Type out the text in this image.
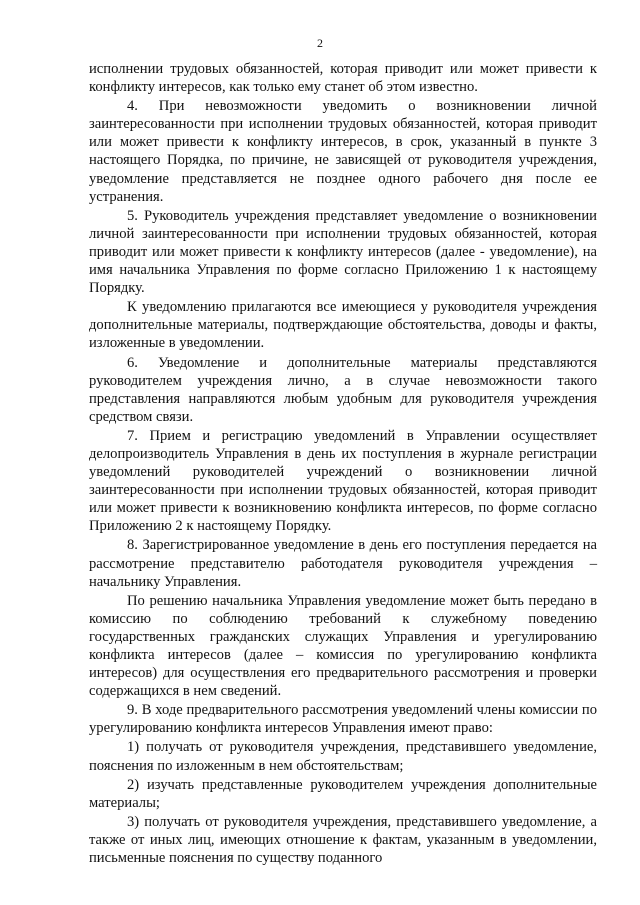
2

исполнении трудовых обязанностей, которая приводит или может привести к конфликту интересов, как только ему станет об этом известно.

4. При невозможности уведомить о возникновении личной заинтересованности при исполнении трудовых обязанностей, которая приводит или может привести к конфликту интересов, в срок, указанный в пункте 3 настоящего Порядка, по причине, не зависящей от руководителя учреждения, уведомление представляется не позднее одного рабочего дня после ее устранения.

5. Руководитель учреждения представляет уведомление о возникновении личной заинтересованности при исполнении трудовых обязанностей, которая приводит или может привести к конфликту интересов (далее - уведомление), на имя начальника Управления по форме согласно Приложению 1 к настоящему Порядку.

К уведомлению прилагаются все имеющиеся у руководителя учреждения дополнительные материалы, подтверждающие обстоятельства, доводы и факты, изложенные в уведомлении.

6. Уведомление и дополнительные материалы представляются руководителем учреждения лично, а в случае невозможности такого представления направляются любым удобным для руководителя учреждения средством связи.

7. Прием и регистрацию уведомлений в Управлении осуществляет делопроизводитель Управления в день их поступления в журнале регистрации уведомлений руководителей учреждений о возникновении личной заинтересованности при исполнении трудовых обязанностей, которая приводит или может привести к возникновению конфликта интересов, по форме согласно Приложению 2 к настоящему Порядку.

8. Зарегистрированное уведомление в день его поступления передается на рассмотрение представителю работодателя руководителя учреждения – начальнику Управления.

По решению начальника Управления уведомление может быть передано в комиссию по соблюдению требований к служебному поведению государственных гражданских служащих Управления и урегулированию конфликта интересов (далее – комиссия по урегулированию конфликта интересов) для осуществления его предварительного рассмотрения и проверки содержащихся в нем сведений.

9. В ходе предварительного рассмотрения уведомлений члены комиссии по урегулированию конфликта интересов Управления имеют право:

1) получать от руководителя учреждения, представившего уведомление, пояснения по изложенным в нем обстоятельствам;

2) изучать представленные руководителем учреждения дополнительные материалы;

3) получать от руководителя учреждения, представившего уведомление, а также от иных лиц, имеющих отношение к фактам, указанным в уведомлении, письменные пояснения по существу поданного
